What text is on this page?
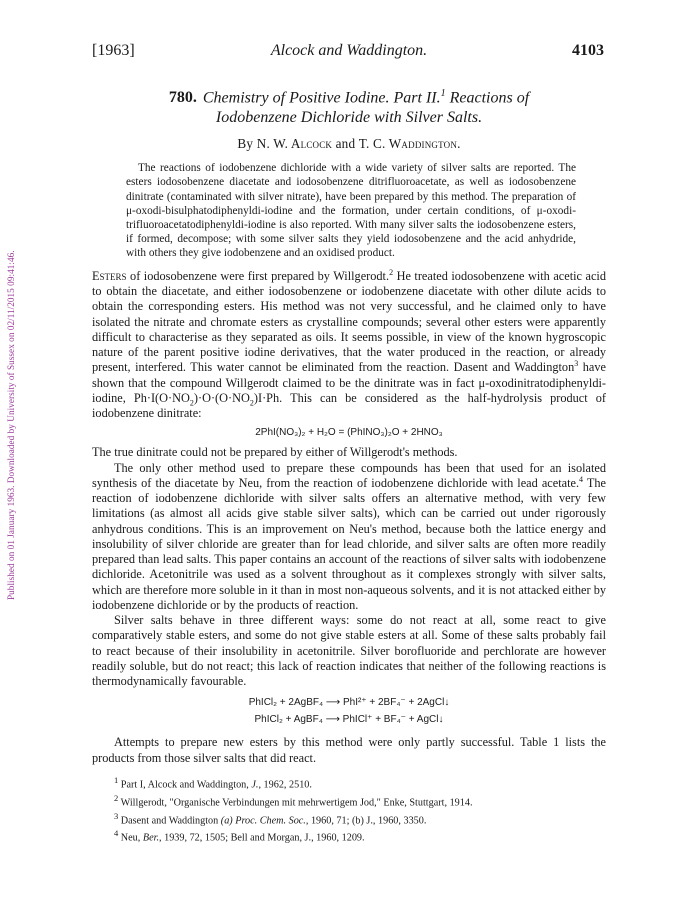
Published on 01 January 1963. Downloaded by University of Sussex on 02/11/2015 09:41:46.
[1963]	Alcock and Waddington.	4103
780. Chemistry of Positive Iodine. Part II.$^1$ Reactions of
Iodobenzene Dichloride with Silver Salts.
By N. W. Alcock and T. C. Waddington.

The reactions of iodobenzene dichloride with a wide variety of silver salts are reported. The esters iodosobenzene diacetate and iodosobenzene ditrifluoroacetate, as well as iodosobenzene dinitrate (contaminated with silver nitrate), have been prepared by this method. The preparation of μ-oxodi-bisulphatodiphenyldi-iodine and the formation, under certain conditions, of μ-oxodi-trifluoroacetatodiphenyldi-iodine is also reported. With many silver salts the iodosobenzene esters, if formed, decompose; with some silver salts they yield iodosobenzene and the acid anhydride, with others they give iodobenzene and an oxidised product.

Esters of iodosobenzene were first prepared by Willgerodt.$^2$ He treated iodosobenzene with acetic acid to obtain the diacetate, and either iodosobenzene or iodobenzene diacetate with other dilute acids to obtain the corresponding esters. His method was not very successful, and he claimed only to have isolated the nitrate and chromate esters as crystalline compounds; several other esters were apparently difficult to characterise as they separated as oils. It seems possible, in view of the known hygroscopic nature of the parent positive iodine derivatives, that the water produced in the reaction, or already present, interfered. This water cannot be eliminated from the reaction. Dasent and Waddington$^3$ have shown that the compound Willgerodt claimed to be the dinitrate was in fact μ-oxodinitratodiphenyldi-iodine, $Ph\cdot I(O\cdot NO_2)\cdot O\cdot(O\cdot NO_2)I\cdot Ph$. This can be considered as the half-hydrolysis product of iodobenzene dinitrate:

2PhI(NO₃)₂ + H₂O = (PhINO₃)₂O + 2HNO₃

The true dinitrate could not be prepared by either of Willgerodt's methods.

The only other method used to prepare these compounds has been that used for an isolated synthesis of the diacetate by Neu, from the reaction of iodobenzene dichloride with lead acetate.$^4$ The reaction of iodobenzene dichloride with silver salts offers an alternative method, with very few limitations (as almost all acids give stable silver salts), which can be carried out under rigorously anhydrous conditions. This is an improvement on Neu's method, because both the lattice energy and insolubility of silver chloride are greater than for lead chloride, and silver salts are often more readily prepared than lead salts. This paper contains an account of the reactions of silver salts with iodobenzene dichloride. Acetonitrile was used as a solvent throughout as it complexes strongly with silver salts, which are therefore more soluble in it than in most non-aqueous solvents, and it is not attacked either by iodobenzene dichloride or by the products of reaction.

Silver salts behave in three different ways: some do not react at all, some react to give comparatively stable esters, and some do not give stable esters at all. Some of these salts probably fail to react because of their insolubility in acetonitrile. Silver borofluoride and perchlorate are however readily soluble, but do not react; this lack of reaction indicates that neither of the following reactions is thermodynamically favourable.

PhICl₂ + 2AgBF₄ ⟶ PhI²⁺ + 2BF₄⁻ + 2AgCl↓
PhICl₂ + AgBF₄ ⟶ PhICl⁺ + BF₄⁻ + AgCl↓

Attempts to prepare new esters by this method were only partly successful. Table 1 lists the products from those silver salts that did react.

$^1$ Part I, Alcock and Waddington, J., 1962, 2510.
$^2$ Willgerodt, "Organische Verbindungen mit mehrwertigem Jod," Enke, Stuttgart, 1914.
$^3$ Dasent and Waddington (a) Proc. Chem. Soc., 1960, 71; (b) J., 1960, 3350.
$^4$ Neu, Ber., 1939, 72, 1505; Bell and Morgan, J., 1960, 1209.
